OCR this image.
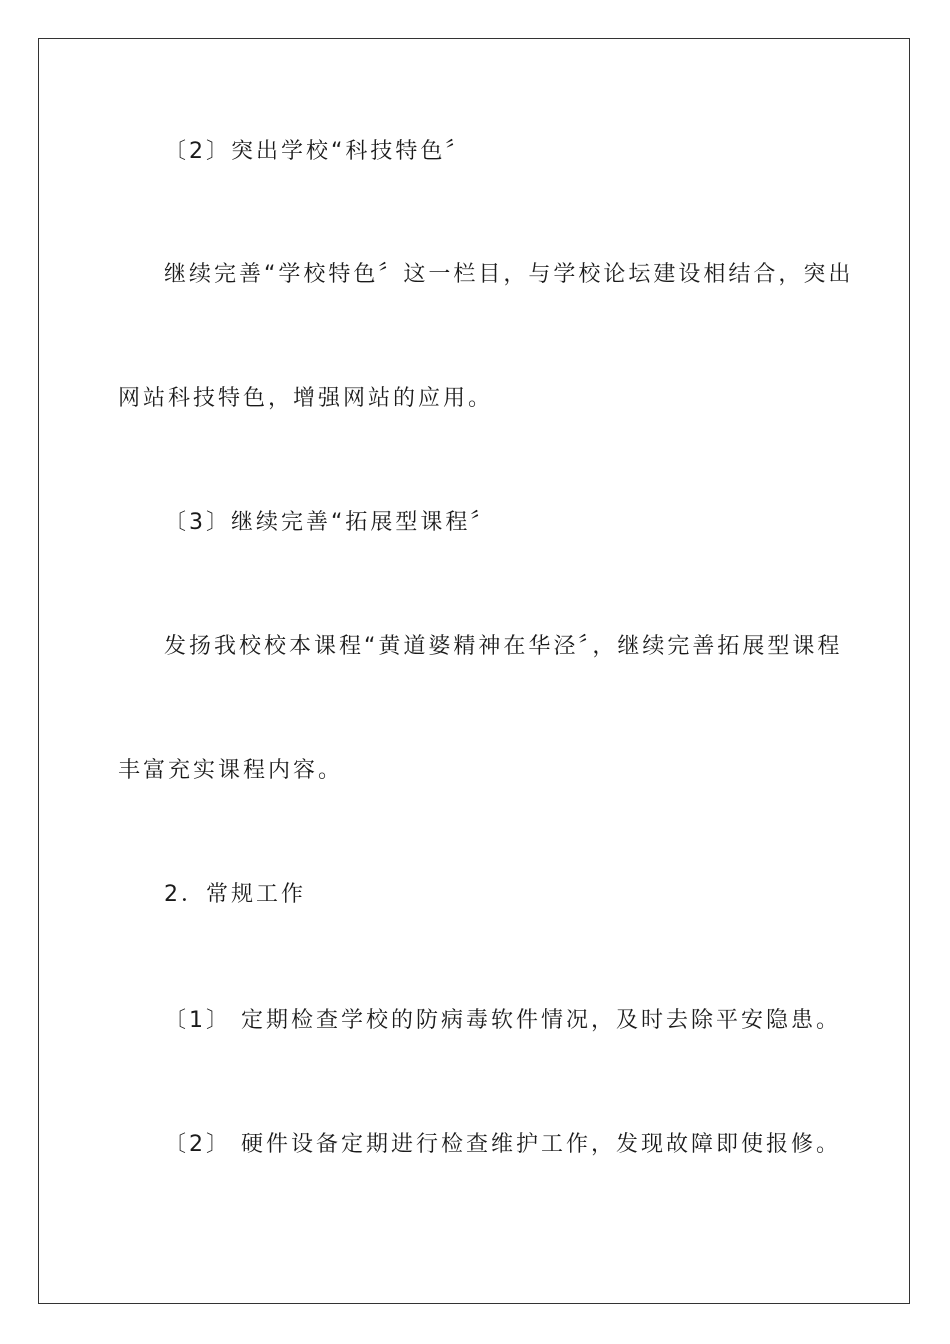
〔2〕突出学校“科技特色〞
继续完善“学校特色〞这一栏目，与学校论坛建设相结合，突出
网站科技特色，增强网站的应用。
〔3〕继续完善“拓展型课程〞
发扬我校校本课程“黄道婆精神在华泾〞，继续完善拓展型课程
丰富充实课程内容。
2．常规工作
〔1〕 定期检查学校的防病毒软件情况，及时去除平安隐患。
〔2〕 硬件设备定期进行检查维护工作，发现故障即使报修。
